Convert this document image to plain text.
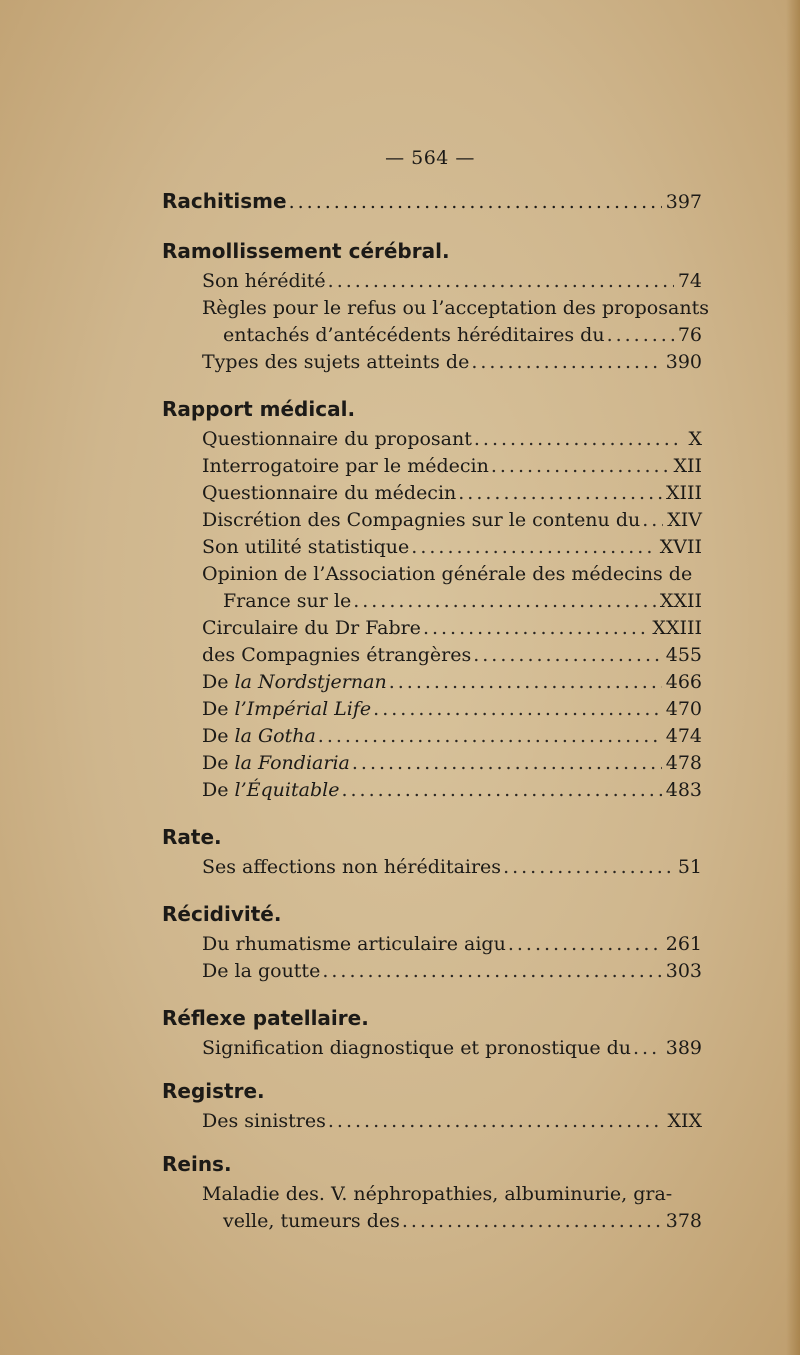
— 564 —
Rachitisme .....	397
Ramollissement cérébral.
Son hérédité .....	74
Règles pour le refus ou l’acceptation des proposants
entachés d’antécédents héréditaires du .....	76
Types des sujets atteints de .....	390
Rapport médical.
Questionnaire du proposant .....	X
Interrogatoire par le médecin .....	XII
Questionnaire du médecin .....	XIII
Discrétion des Compagnies sur le contenu du ..... XIV
Son utilité statistique .....	XVII
Opinion de l’Association générale des médecins de
France sur le .....	XXII
Circulaire du Dr Fabre .....	XXIII
des Compagnies étrangères .....	455
De la Nordstjernan .....	466
De l’Impérial Life .....	470
De la Gotha .....	474
De la Fondiaria .....	478
De l’Équitable .....	483
Rate.
Ses affections non héréditaires .....	51
Récidivité.
Du rhumatisme articulaire aigu .....	261
De la goutte .....	303
Réflexe patellaire.
Signification diagnostique et pronostique du ..... 389
Registre.
Des sinistres .....	XIX
Reins.
Maladie des. V. néphropathies, albuminurie, gra-
velle, tumeurs des .....	378
